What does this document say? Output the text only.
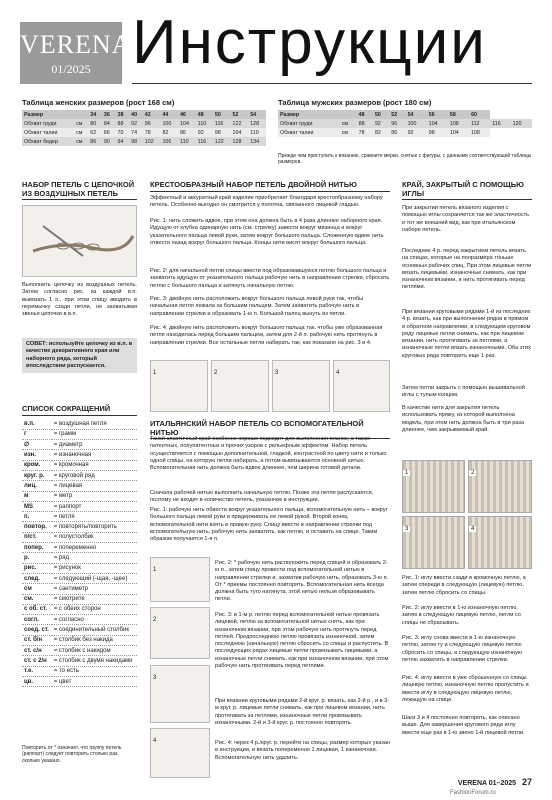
VERENA
01/2025 Инструкции
Таблица женских размеров (рост 168 см)
Размер		34	36	38	40	42	44	46	48	50	52	54
Обхват груди	см	80	84	88	92	96	100	104	110	116	122	128
Обхват талии	см	62	66	70	74	78	82	86	92	98	104	110
Обхват бедер	см	86	90	94	98	102	106	110	116	122	128	134
Таблица мужских размеров (рост 180 см)
Размер		48	50	52	54	56	58	60		
Обхват груди	см	88	92	96	100	104	108	112	116	120
Обхват талии	см	78	82	86	92	98	104	108		
Прежде чем приступить к вязанию, сравните мерки, снятые с фигуры, с данными соответствующей таблицы размеров.
НАБОР ПЕТЕЛЬ С ЦЕПОЧКОЙ ИЗ ВОЗДУШНЫХ ПЕТЕЛЬ
Выполнить цепочку из воздушных петель. Затем согласно рис. из каждой в.п. вывязать 1 п., при этом спицу вводить в перемычку сзади петли, не захватывая звенья цепочки в в.п.
СОВЕТ: используйте цепочку из в.п. в качестве декоративного края или наборного ряда, который впоследствии распускается.
СПИСОК СОКРАЩЕНИЙ
в.п.	= воздушная петля
г	= грамм
∅	= диаметр
изн.	= изнаночная
кром.	= кромочная
круг. р.	= круговой ряд
лиц.	= лицевая
м	= метр
MS	= раппорт
п.	= петля
повтор.	= повторять/повторить
п/ст.	= полустолбик
попер.	= попеременно
р.	= ряд
рис.	= рисунок
след.	= следующий (-щая, -щее)
см	= сантиметр
см.	= смотрите
с об. ст.	= с обеих сторон
согл.	= согласно
соед. ст.	= соединительный столбик
ст. б/н	= столбик без накида
ст. с/н	= столбик с накидом
ст. с 2/н	= столбик с двумя накидами
т.е.	= то есть
цв.	= цвет
Повторить от * означает, что группу петель (раппорт) следует повторить столько раз, сколько указано.
КРЕСТООБРАЗНЫЙ НАБОР ПЕТЕЛЬ ДВОЙНОЙ НИТЬЮ
Эффектный и аккуратный край изделие приобретает благодаря крестообразному набору петель. Особенно выгодно он смотрится у полотна, связанного лицевой гладью.
Рис. 1: нить сложить вдвое, при этом она должна быть в 4 раза длиннее наборного края. Идущую от клубка одинарную нить (см. стрелку) завести вокруг мизинца и вокруг указательного пальца левой руки, затем вокруг большого пальца. Сложенную вдвое нить отвести назад вокруг большого пальца. Концы нити висят вокруг большого пальца.
Рис. 2: для начальной петли спицы ввести под образовавшуюся петлю большого пальца и захватить идущую от указательного пальца рабочую нить в направлении стрелки, сбросить петлю с большого пальца и затянуть начальную петлю.
Рис. 3: двойную нить расположить вокруг большого пальца левой руки так, чтобы начальная петля лежала за большим пальцем. Затем захватить рабочую нить в направлении стрелки и образовать 1-ю п. Большой палец вынуть из петли.
Рис. 4: двойную нить расположить вокруг большого пальца так, чтобы уже образованная петля находилась перед большим пальцем, затем для 2-й п. рабочую нить протянуть в направлении стрелки. Все остальные петли набирать так, как показано на рис. 3 и 4.
1	2	3	4
ИТАЛЬЯНСКИЙ НАБОР ПЕТЕЛЬ СО ВСПОМОГАТЕЛЬНОЙ НИТЬЮ
Такой эластичный край особенно хорошо подходит для выполнения планок, а также патентных, полупатентных и прочих узоров с рельефным эффектом. Набор петель осуществляется с помощью дополнительной, гладкой, контрастной по цвету нити и только одной спицы, на которую петли набирать, а потом вывязываются основной нитью. Вспомогательная нить должна быть вдвое длиннее, чем ширина готовой детали.
Сначала рабочей нитью выполнить начальную петлю. Позже эта петля распускается, поэтому не входит в количество петель, указанное в инструкции.
Рис. 1: рабочую нить обвести вокруг указательного пальца, вспомогательную нить – вокруг большого пальца левой руки и придерживать ее левой рукой. Второй конец вспомогательной нити взять в правую руку. Спицу ввести в направлении стрелки под вспомогательную нить, рабочую нить захватить, как петлю, и оставить на спице. Таким образом получается 1-я п.
1
2
3
4
Рис. 2: * рабочую нить расположить перед спицей и образовать 2-ю п., затем спицу провести под вспомогательной нитью в направлении стрелки и, захватив рабочую нить, образовать 3-ю п. От * приемы постоянно повторять. Вспомогательная нить всегда должна быть туго натянута, этой нитью нельзя образовывать петли.
Рис. 3: в 1-м р. петлю перед вспомогательной нитью провязать лицевой, петлю за вспомогательной нитью снять, как при изнаночном вязании, при этом рабочую нить протянуть перед петлей. Предпоследнюю петлю провязать изнаночной, затем последнюю (начальную) петлю сбросить со спицы и распустить. В последующих рядах лицевые петли провязывать лицевыми, а изнаночные петли снимать, как при изнаночном вязании, при этом рабочую нить протягивать перед петлями.
При вязании круговыми рядами 2-й круг. р. вязать, как 2-й р., и в 3-м круг. р. лицевые петли снимать, как при лицевом вязании, нить протягивать за петлями, изнаночные петли провязывать изнаночными. 2-й и 3-й круг. р. постоянно повторять.
Рис. 4: через 4 р./круг. р. перейти на спицы, размер которых указан в инструкции, и вязать попеременно 1 лицевая, 1 изнаночная. Вспомогательную нить удалить.
КРАЙ, ЗАКРЫТЫЙ С ПОМОЩЬЮ ИГЛЫ
При закрытии петель вязаного изделия с помощью иглы сохраняется так же эластичность и тот же внешний вид, как при итальянском наборе петель.
Последние 4 р. перед закрытием петель вязать на спицах, которые на полразмера тоньше основных рабочих спиц. При этом лицевые петли вязать лицевыми, изнаночные снимать, как при изнаночном вязании, и нить протягивать перед петлями.
При вязании круговыми рядами 1-й из последних 4 р. вязать, как при выполнении рядов в прямом и обратном направлении, в следующем круговом ряду лицевые петли снимать, как при лицевом вязании, нить протягивать за петлями, а изнаночные петли вязать изнаночными. Оба этих круговых ряда повторить еще 1 раз.
Затем петли закрыть с помощью вышивальной иглы с тупым концом.
В качестве нити для закрытия петель использовать пряжу, из которой выполнена модель, при этом нить должна быть в три раза длиннее, чем закрываемый край.
1	2
3	4
Рис. 1: иглу ввести сзади в кромочную петлю, а затем спереди в следующую (лицевую) петлю, затем петлю сбросить со спицы.
Рис. 2: иглу ввести в 1-ю изнаночную петлю, затем в следующую лицевую петлю, петли со спицы не сбрасывать.
Рис. 3: иглу снова ввести в 1-ю изнаночную петлю, затем ту и следующую лицевую петлю сбросить со спицы, а следующую изнаночную петлю захватить в направлении стрелки.
Рис. 4: иглу ввести в уже сброшенную со спицы лицевую петлю, изнаночную петлю пропустить и ввести иглу в следующую лицевую петлю, лежащую на спице.
Шаги 3 и 4 постоянно повторять, как описано выше. Для завершения кругового ряда иглу ввести еще раз в 1-ю звено 1-й лицевой петли.
VERENA 01–2025 27
FashionForum.ru
